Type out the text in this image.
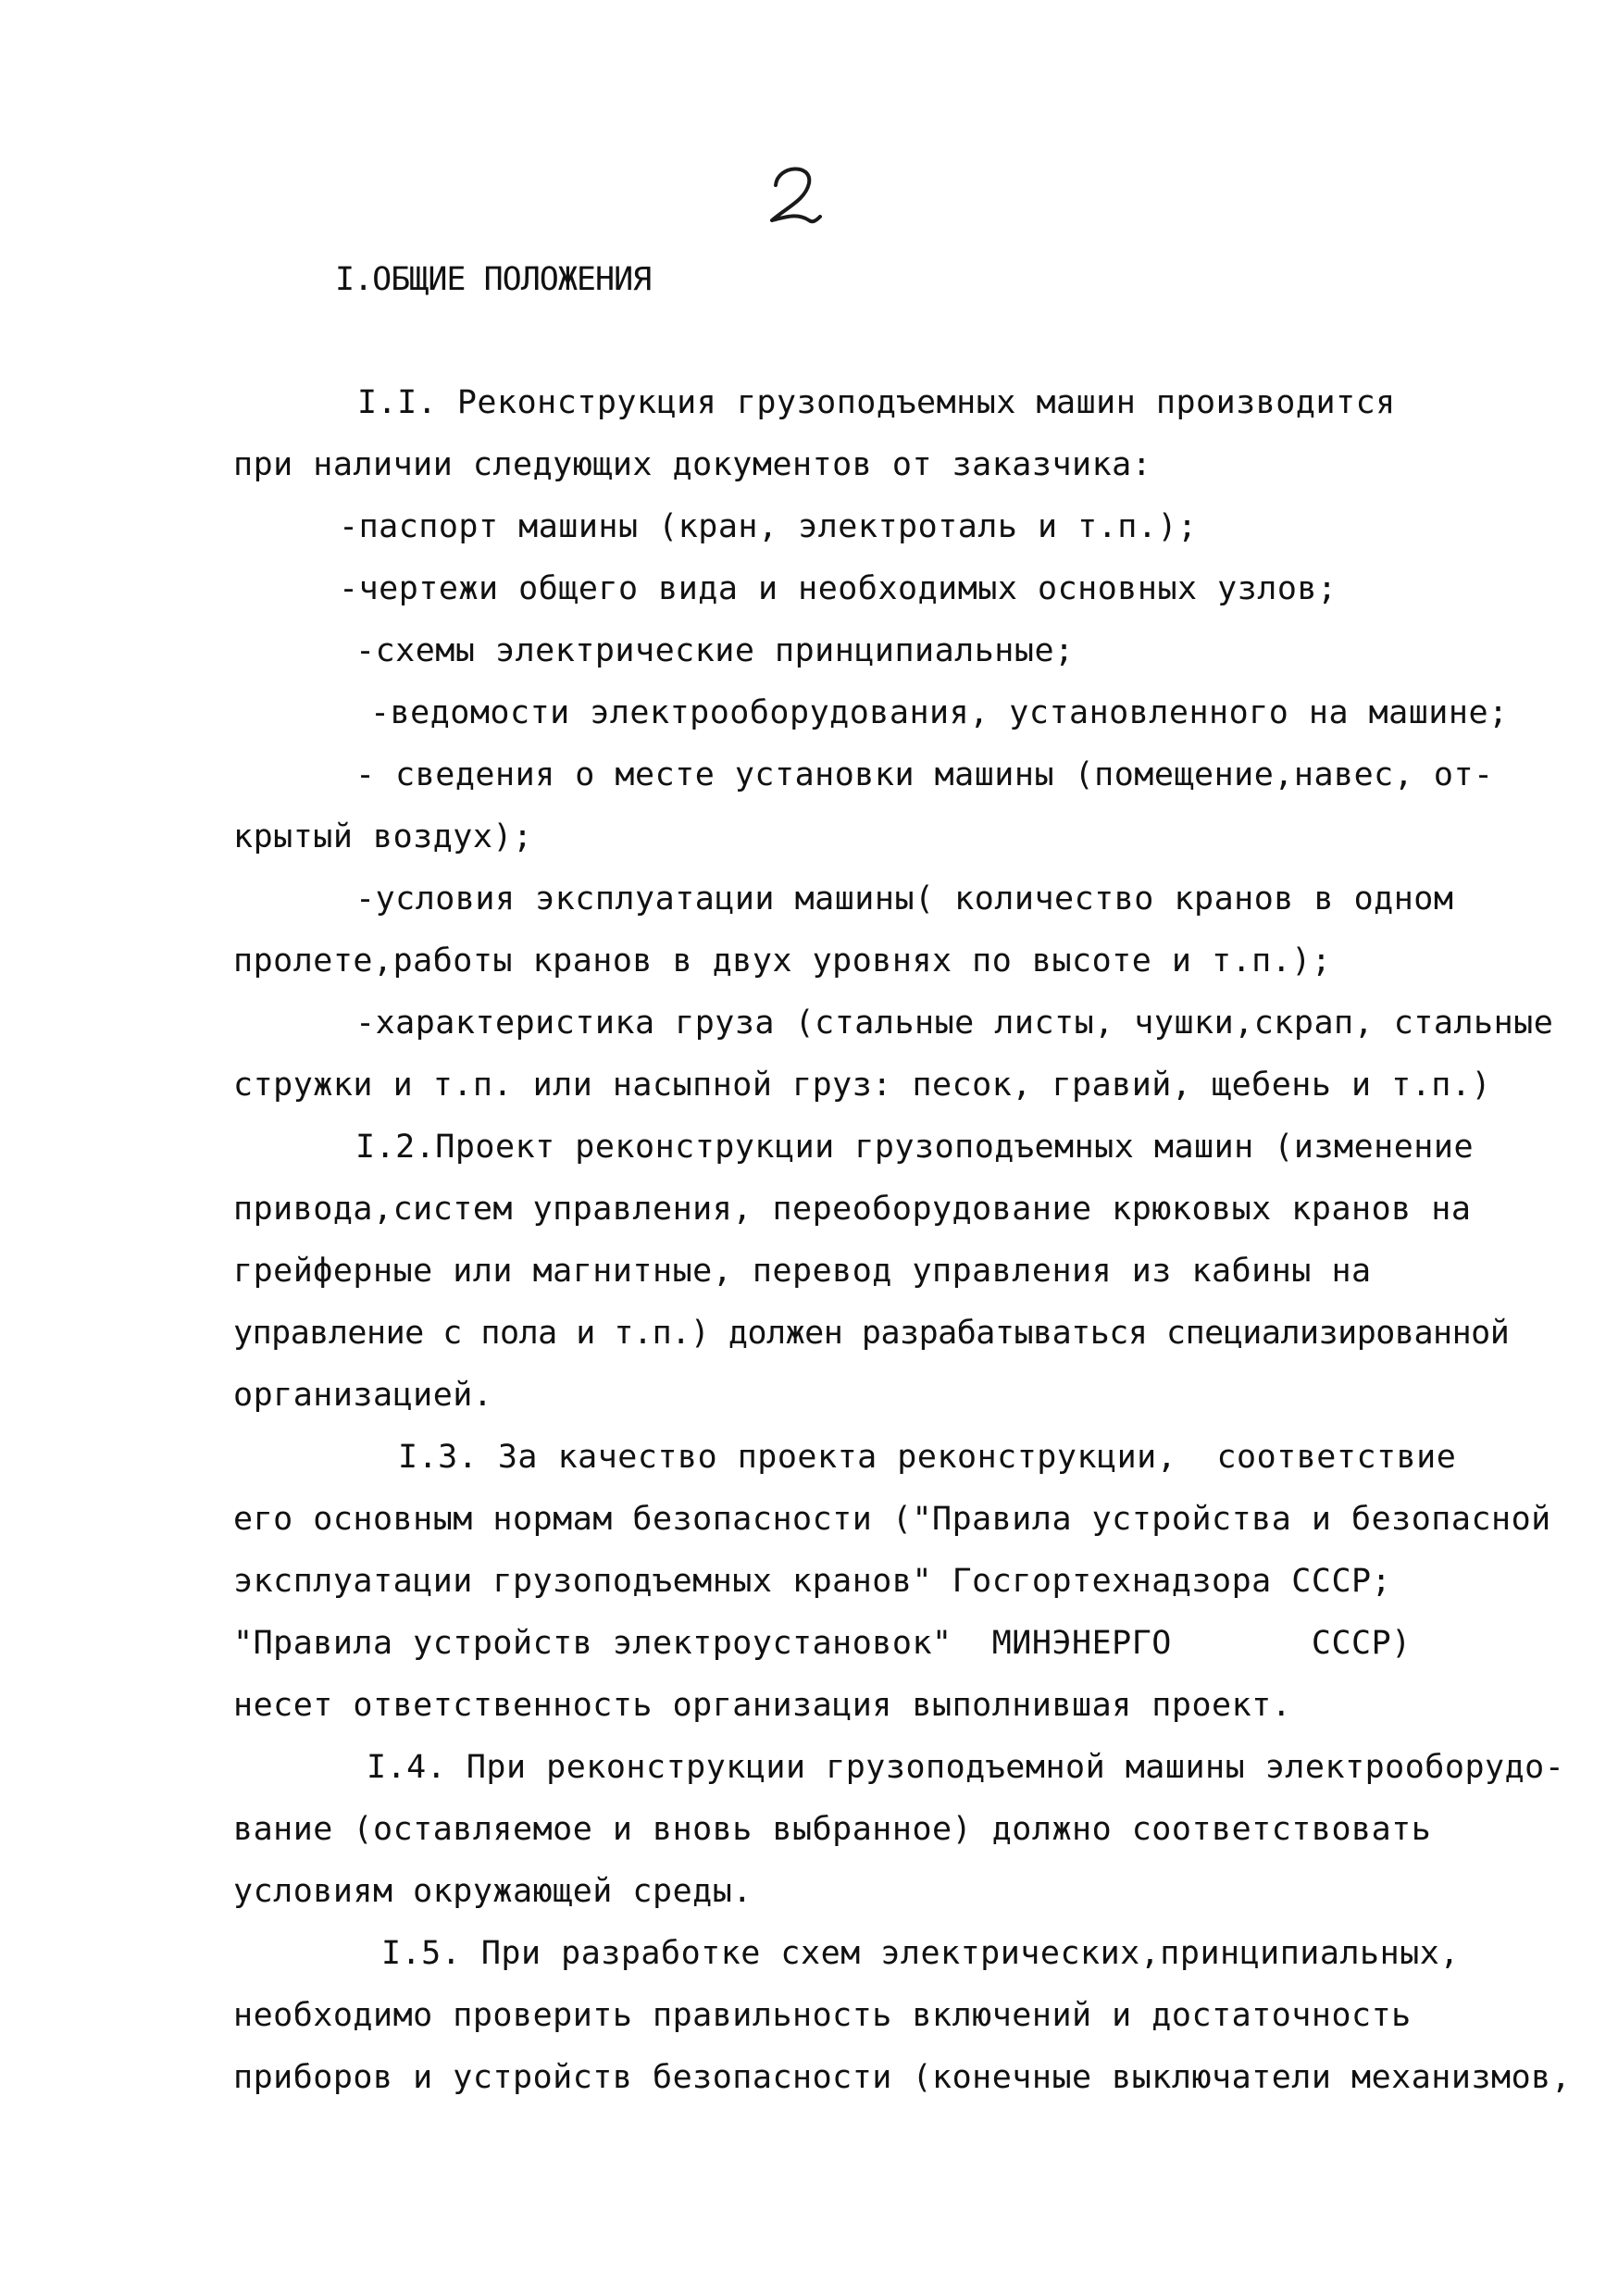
I.ОБЩИЕ ПОЛОЖЕНИЯ
I.I. Реконструкция грузоподъемных машин производится
при наличии следующих документов от заказчика:
-паспорт машины (кран, электроталь и т.п.);
-чертежи общего вида и необходимых основных узлов;
-схемы электрические принципиальные;
-ведомости электрооборудования, установленного на машине;
- сведения о месте установки машины (помещение,навес, от-
крытый воздух);
-условия эксплуатации машины( количество кранов в одном
пролете,работы кранов в двух уровнях по высоте и т.п.);
-характеристика груза (стальные листы, чушки,скрап, стальные
стружки и т.п. или насыпной груз: песок, гравий, щебень и т.п.)
I.2.Проект реконструкции грузоподъемных машин (изменение
привода,систем управления, переоборудование крюковых кранов на
грейферные или магнитные, перевод управления из кабины на
управление с пола и т.п.) должен разрабатываться специализированной
организацией.
I.3. За качество проекта реконструкции,  соответствие
его основным нормам безопасности ("Правила устройства и безопасной
эксплуатации грузоподъемных кранов" Госгортехнадзора СССР;
"Правила устройств электроустановок"  МИНЭНЕРГО       СССР)
несет ответственность организация выполнившая проект.
I.4. При реконструкции грузоподъемной машины электрооборудо-
вание (оставляемое и вновь выбранное) должно соответствовать
условиям окружающей среды.
I.5. При разработке схем электрических,принципиальных,
необходимо проверить правильность включений и достаточность
приборов и устройств безопасности (конечные выключатели механизмов,
